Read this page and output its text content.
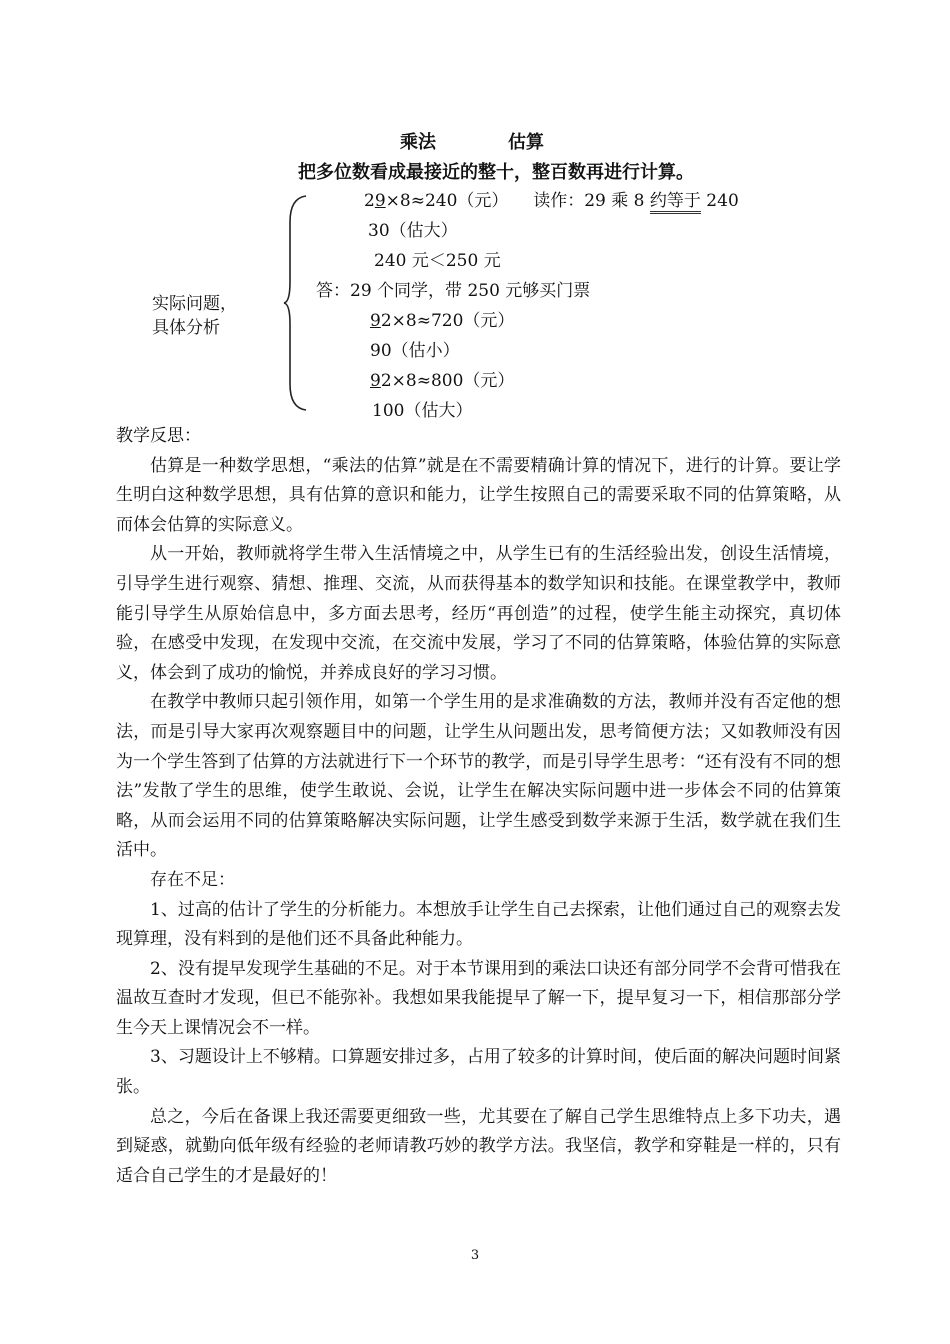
乘法	估算
把多位数看成最接近的整十，整百数再进行计算。
实际问题，
具体分析
29×8≈240（元） 读作：29 乘 8 约等于 240
30（估大）
240 元＜250 元
答：29 个同学，带 250 元够买门票
92×8≈720（元）
90（估小）
92×8≈800（元）
100（估大）

教学反思：

估算是一种数学思想，“乘法的估算”就是在不需要精确计算的情况下，进行的计算。要让学生明白这种数学思想，具有估算的意识和能力，让学生按照自己的需要采取不同的估算策略，从而体会估算的实际意义。

从一开始，教师就将学生带入生活情境之中，从学生已有的生活经验出发，创设生活情境，引导学生进行观察、猜想、推理、交流，从而获得基本的数学知识和技能。在课堂教学中，教师能引导学生从原始信息中，多方面去思考，经历“再创造”的过程，使学生能主动探究，真切体验，在感受中发现，在发现中交流，在交流中发展，学习了不同的估算策略，体验估算的实际意义，体会到了成功的愉悦，并养成良好的学习习惯。

在教学中教师只起引领作用，如第一个学生用的是求准确数的方法，教师并没有否定他的想法，而是引导大家再次观察题目中的问题，让学生从问题出发，思考简便方法；又如教师没有因为一个学生答到了估算的方法就进行下一个环节的教学，而是引导学生思考：“还有没有不同的想法”发散了学生的思维，使学生敢说、会说，让学生在解决实际问题中进一步体会不同的估算策略，从而会运用不同的估算策略解决实际问题，让学生感受到数学来源于生活，数学就在我们生活中。

存在不足：

1、过高的估计了学生的分析能力。本想放手让学生自己去探索，让他们通过自己的观察去发现算理，没有料到的是他们还不具备此种能力。

2、没有提早发现学生基础的不足。对于本节课用到的乘法口诀还有部分同学不会背可惜我在温故互查时才发现，但已不能弥补。我想如果我能提早了解一下，提早复习一下，相信那部分学生今天上课情况会不一样。

3、习题设计上不够精。口算题安排过多，占用了较多的计算时间，使后面的解决问题时间紧张。

总之，今后在备课上我还需要更细致一些，尤其要在了解自己学生思维特点上多下功夫，遇到疑惑，就勤向低年级有经验的老师请教巧妙的教学方法。我坚信，教学和穿鞋是一样的，只有适合自己学生的才是最好的！

3
